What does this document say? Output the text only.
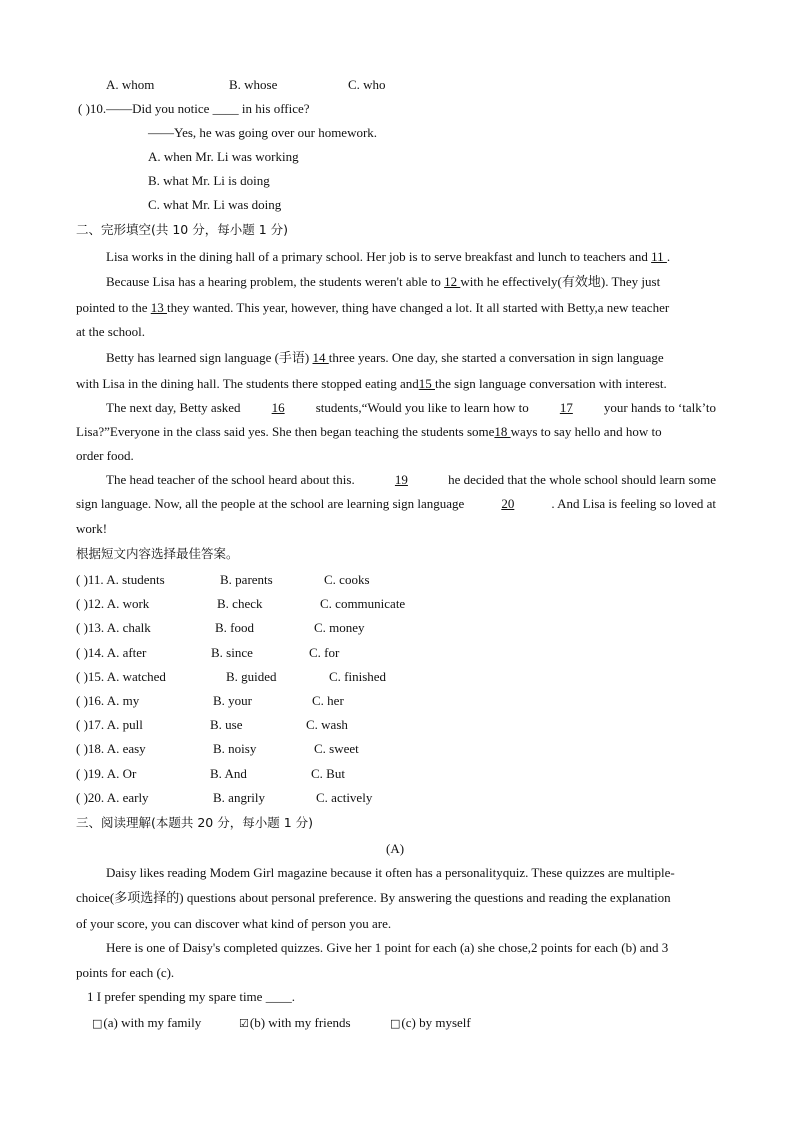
A. whom	B. whose	C. who
( )10.——Did you notice ____ in his office?
——Yes, he was going over our homework.
A. when Mr. Li was working
B. what Mr. Li is doing
C. what Mr. Li was doing
二、完形填空(共 10 分，每小题 1 分)
Lisa works in the dining hall of a primary school. Her job is to serve breakfast and lunch to teachers and 11 .
Because Lisa has a hearing problem, the students weren't able to 12 with he effectively(有效地). They just
pointed to the 13 they wanted. This year, however, thing have changed a lot. It all started with Betty,a new teacher
at the school.
Betty has learned sign language (手语) 14 three years. One day, she started a conversation in sign language
with Lisa in the dining hall. The students there stopped eating and15 the sign language conversation with interest.
The next day, Betty asked 16 students,“Would you like to learn how to 17 your hands to ‘talk’to
Lisa?”Everyone in the class said yes. She then began teaching the students some18 ways to say hello and how to
order food.
The head teacher of the school heard about this.	19	he decided that the whole school should learn some
sign language. Now, all the people at the school are learning sign language	20	. And Lisa is feeling so loved at
work!
根据短文内容选择最佳答案。
( )11. A. students	B. parents	C. cooks
( )12. A. work	B. check	C. communicate
( )13. A. chalk	B. food	C. money
( )14. A. after	B. since	C. for
( )15. A. watched	B. guided	C. finished
( )16. A. my	B. your	C. her
( )17. A. pull	B. use	C. wash
( )18. A. easy	B. noisy	C. sweet
( )19. A. Or	B. And	C. But
( )20. A. early	B. angrily	C. actively
三、阅读理解(本题共 20 分，每小题 1 分)
(A)
Daisy likes reading Modem Girl magazine because it often has a personalityquiz. These quizzes are multiple-
choice(多项选择的) questions about personal preference. By answering the questions and reading the explanation
of your score, you can discover what kind of person you are.
Here is one of Daisy's completed quizzes. Give her 1 point for each (a) she chose,2 points for each (b) and 3
points for each (c).
1 I prefer spending my spare time ____.
□(a) with my family	☑(b) with my friends	□(c) by myself
